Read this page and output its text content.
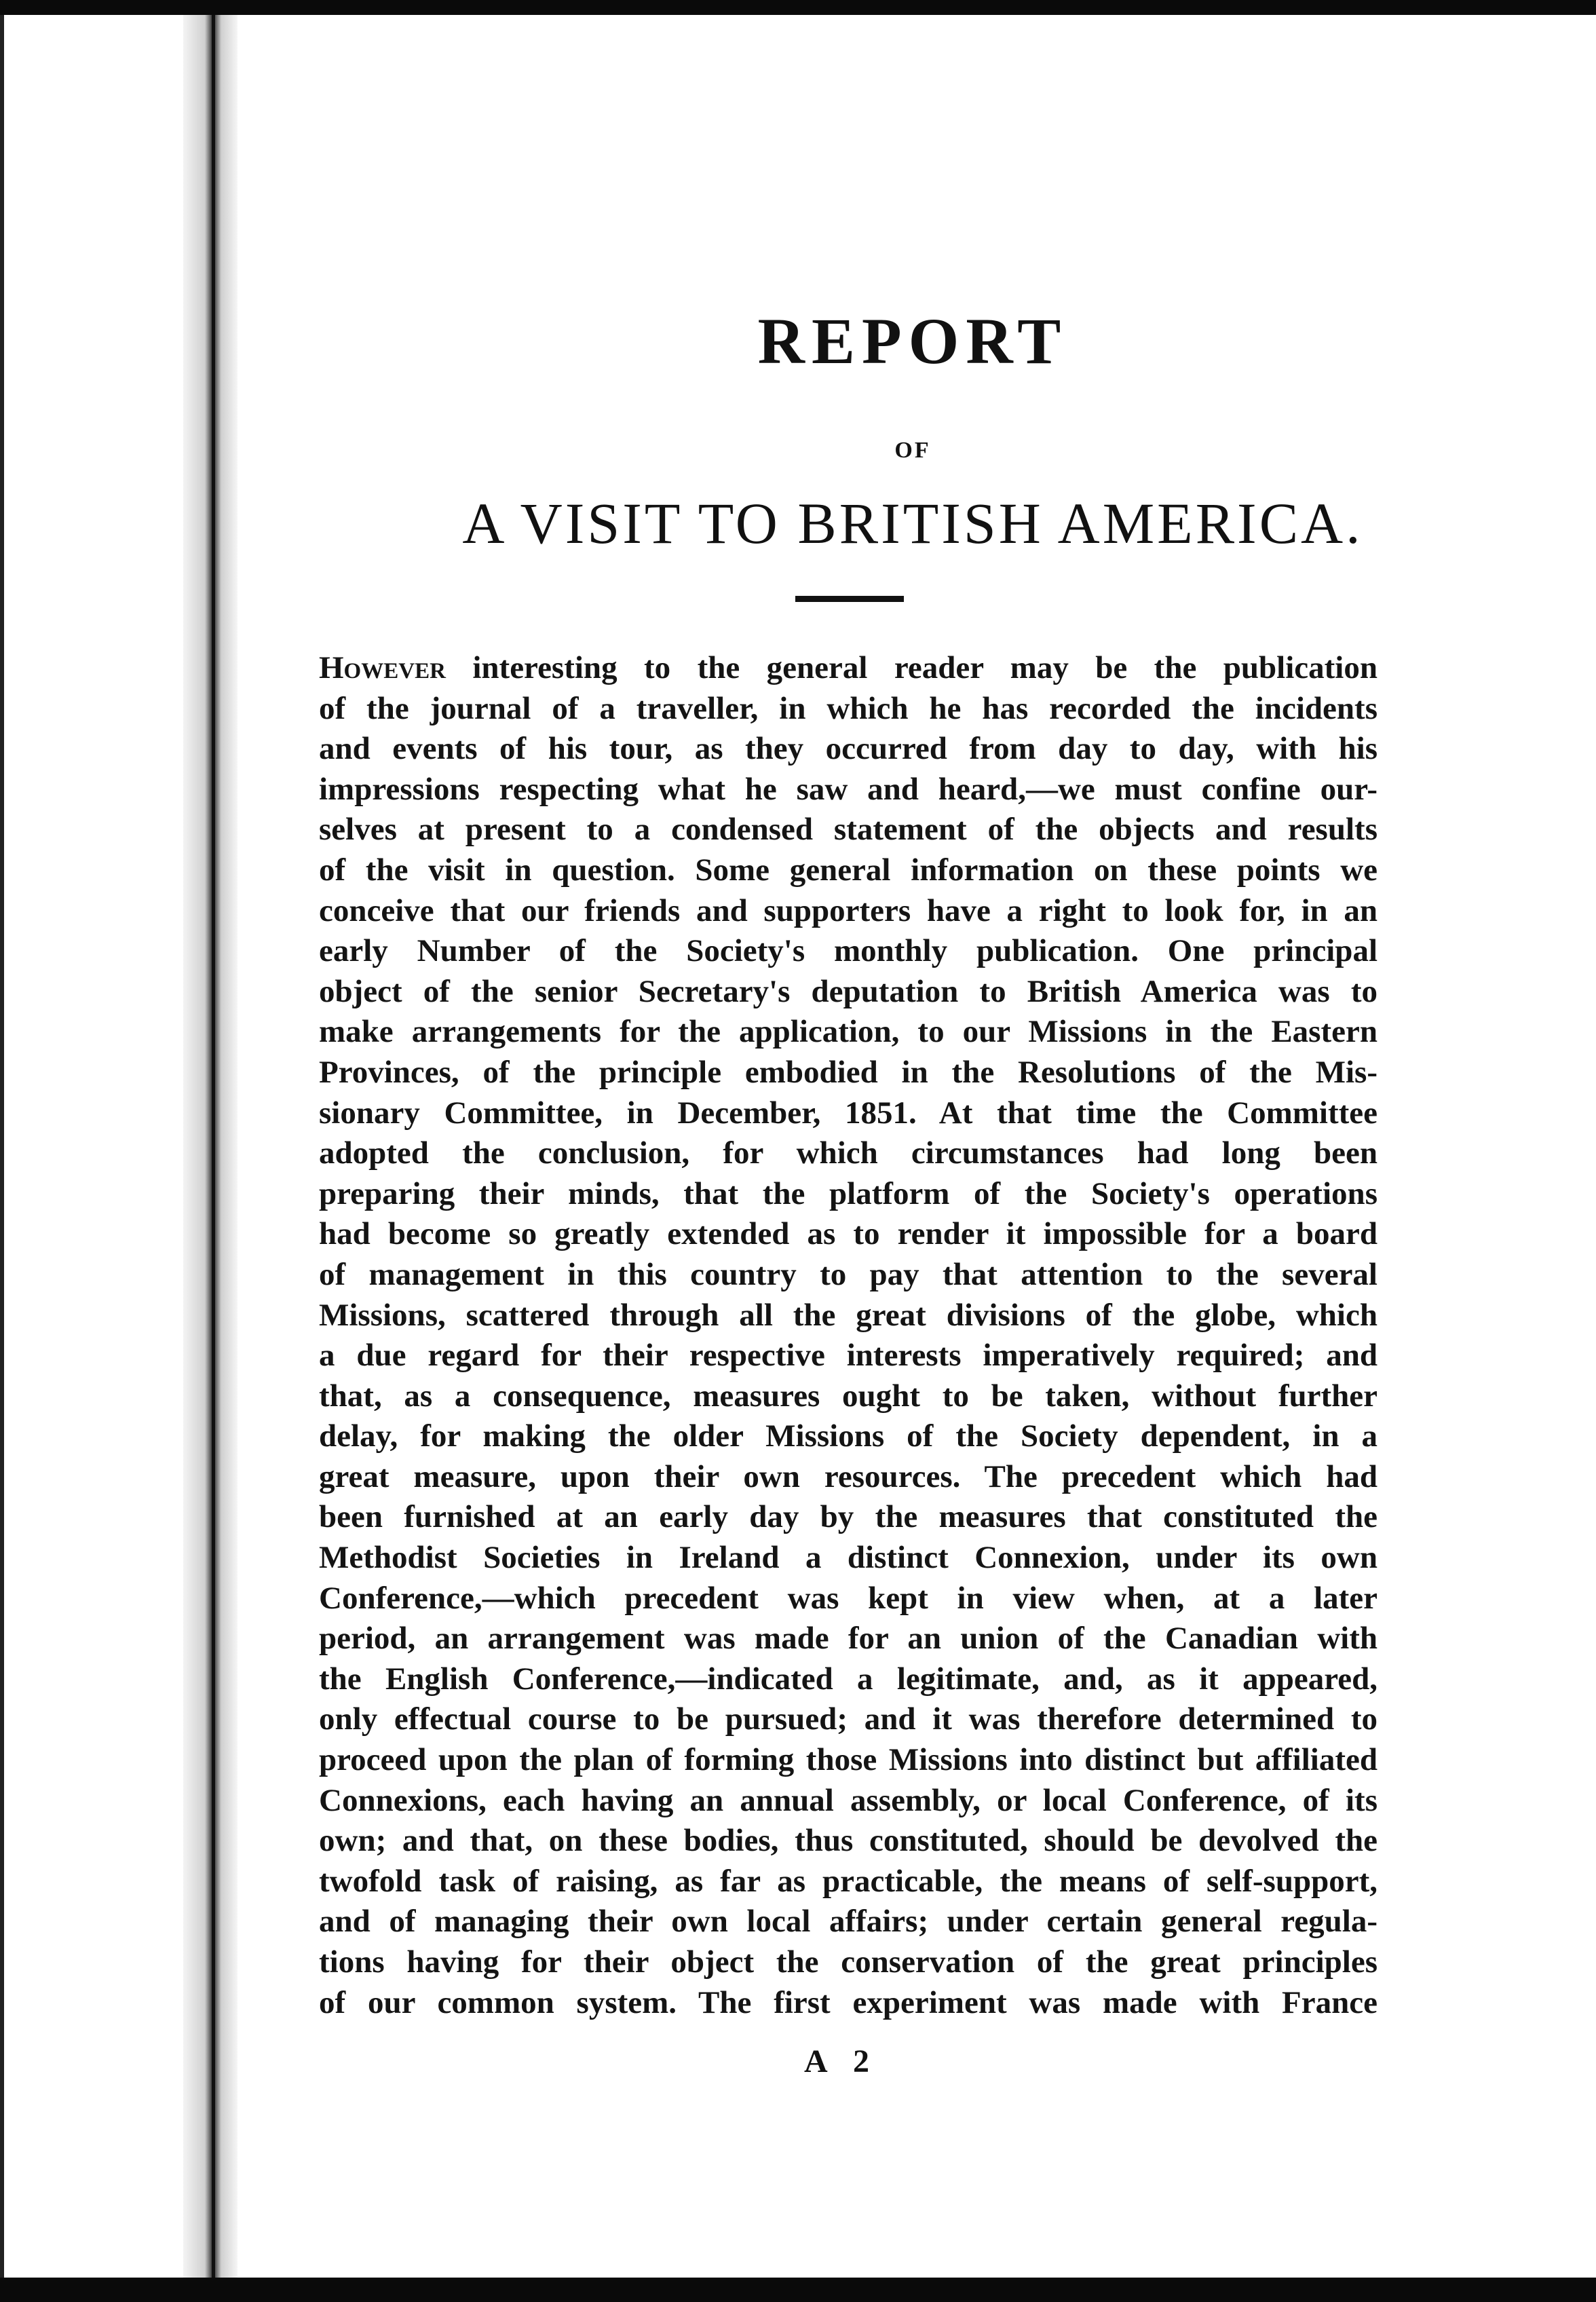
REPORT
OF
A VISIT TO BRITISH AMERICA.
However interesting to the general reader may be the publication
of the journal of a traveller, in which he has recorded the incidents
and events of his tour, as they occurred from day to day, with his
impressions respecting what he saw and heard,—we must confine our-
selves at present to a condensed statement of the objects and results
of the visit in question. Some general information on these points we
conceive that our friends and supporters have a right to look for, in an
early Number of the Society's monthly publication. One principal
object of the senior Secretary's deputation to British America was to
make arrangements for the application, to our Missions in the Eastern
Provinces, of the principle embodied in the Resolutions of the Mis-
sionary Committee, in December, 1851. At that time the Committee
adopted the conclusion, for which circumstances had long been
preparing their minds, that the platform of the Society's operations
had become so greatly extended as to render it impossible for a board
of management in this country to pay that attention to the several
Missions, scattered through all the great divisions of the globe, which
a due regard for their respective interests imperatively required; and
that, as a consequence, measures ought to be taken, without further
delay, for making the older Missions of the Society dependent, in a
great measure, upon their own resources. The precedent which had
been furnished at an early day by the measures that constituted the
Methodist Societies in Ireland a distinct Connexion, under its own
Conference,—which precedent was kept in view when, at a later
period, an arrangement was made for an union of the Canadian with
the English Conference,—indicated a legitimate, and, as it appeared,
only effectual course to be pursued; and it was therefore determined to
proceed upon the plan of forming those Missions into distinct but affiliated
Connexions, each having an annual assembly, or local Conference, of its
own; and that, on these bodies, thus constituted, should be devolved the
twofold task of raising, as far as practicable, the means of self-support,
and of managing their own local affairs; under certain general regula-
tions having for their object the conservation of the great principles
of our common system. The first experiment was made with France
A 2
